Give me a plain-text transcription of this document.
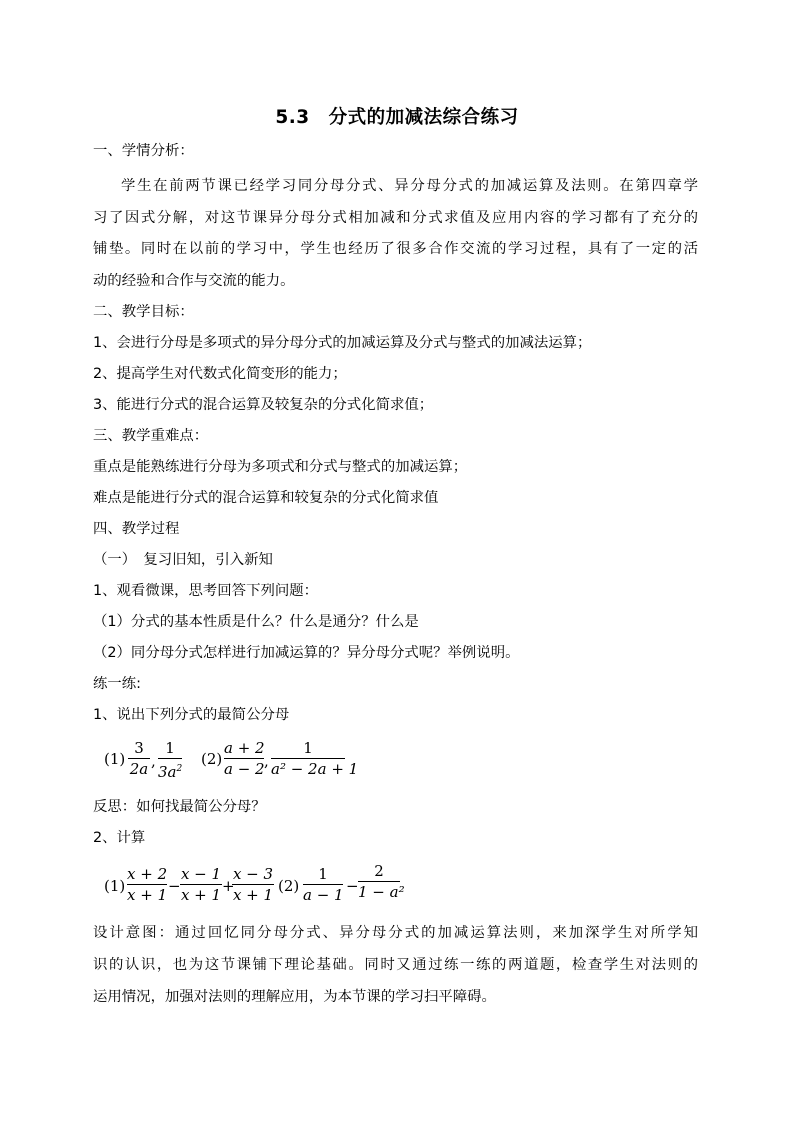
5.3　分式的加减法综合练习
一、学情分析：
学生在前两节课已经学习同分母分式、异分母分式的加减运算及法则。在第四章学
习了因式分解，对这节课异分母分式相加减和分式求值及应用内容的学习都有了充分的
铺垫。同时在以前的学习中，学生也经历了很多合作交流的学习过程，具有了一定的活
动的经验和合作与交流的能力。
二、教学目标：
1、会进行分母是多项式的异分母分式的加减运算及分式与整式的加减法运算；
2、提高学生对代数式化简变形的能力；
3、能进行分式的混合运算及较复杂的分式化简求值；
三、教学重难点：
重点是能熟练进行分母为多项式和分式与整式的加减运算；
难点是能进行分式的混合运算和较复杂的分式化简求值
四、教学过程
（一）　复习旧知，引入新知
1、观看微课，思考回答下列问题：
（1）分式的基本性质是什么？什么是通分？什么是
（2）同分母分式怎样进行加减运算的？异分母分式呢？举例说明。
练一练:
1、说出下列分式的最简公分母
(1)
3
2a ,
1
$3a^2$
(2)
a + 2
a − 2 ,
1
a² − 2a + 1
反思：如何找最简公分母？
2、计算
(1)
x + 2
x + 1 −
x − 1
x + 1 +
x − 3
x + 1 (2)
1
a − 1 −
2
1 − a²
设计意图：通过回忆同分母分式、异分母分式的加减运算法则，来加深学生对所学知
识的认识，也为这节课铺下理论基础。同时又通过练一练的两道题，检查学生对法则的
运用情况，加强对法则的理解应用，为本节课的学习扫平障碍。
